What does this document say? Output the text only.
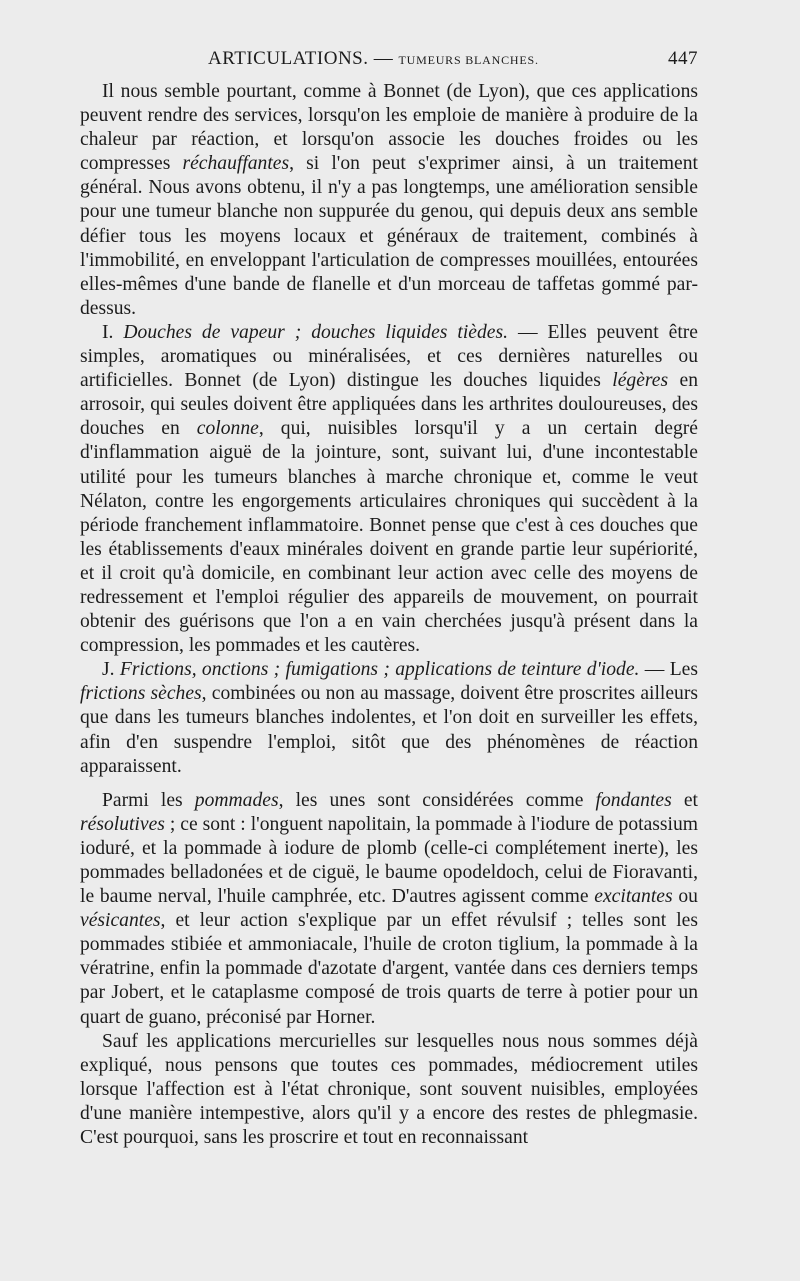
ARTICULATIONS. — TUMEURS BLANCHES.	447

Il nous semble pourtant, comme à Bonnet (de Lyon), que ces applications peuvent rendre des services, lorsqu'on les emploie de manière à produire de la chaleur par réaction, et lorsqu'on associe les douches froides ou les compresses réchauffantes, si l'on peut s'exprimer ainsi, à un traitement général. Nous avons obtenu, il n'y a pas longtemps, une amélioration sensible pour une tumeur blanche non suppurée du genou, qui depuis deux ans semble défier tous les moyens locaux et généraux de traitement, combinés à l'immobilité, en enveloppant l'articulation de compresses mouillées, entourées elles-mêmes d'une bande de flanelle et d'un morceau de taffetas gommé par-dessus.

I. Douches de vapeur ; douches liquides tièdes. — Elles peuvent être simples, aromatiques ou minéralisées, et ces dernières naturelles ou artificielles. Bonnet (de Lyon) distingue les douches liquides légères en arrosoir, qui seules doivent être appliquées dans les arthrites douloureuses, des douches en colonne, qui, nuisibles lorsqu'il y a un certain degré d'inflammation aiguë de la jointure, sont, suivant lui, d'une incontestable utilité pour les tumeurs blanches à marche chronique et, comme le veut Nélaton, contre les engorgements articulaires chroniques qui succèdent à la période franchement inflammatoire. Bonnet pense que c'est à ces douches que les établissements d'eaux minérales doivent en grande partie leur supériorité, et il croit qu'à domicile, en combinant leur action avec celle des moyens de redressement et l'emploi régulier des appareils de mouvement, on pourrait obtenir des guérisons que l'on a en vain cherchées jusqu'à présent dans la compression, les pommades et les cautères.

J. Frictions, onctions ; fumigations ; applications de teinture d'iode. — Les frictions sèches, combinées ou non au massage, doivent être proscrites ailleurs que dans les tumeurs blanches indolentes, et l'on doit en surveiller les effets, afin d'en suspendre l'emploi, sitôt que des phénomènes de réaction apparaissent.

Parmi les pommades, les unes sont considérées comme fondantes et résolutives ; ce sont : l'onguent napolitain, la pommade à l'iodure de potassium ioduré, et la pommade à iodure de plomb (celle-ci complétement inerte), les pommades belladonées et de ciguë, le baume opodeldoch, celui de Fioravanti, le baume nerval, l'huile camphrée, etc. D'autres agissent comme excitantes ou vésicantes, et leur action s'explique par un effet révulsif ; telles sont les pommades stibiée et ammoniacale, l'huile de croton tiglium, la pommade à la vératrine, enfin la pommade d'azotate d'argent, vantée dans ces derniers temps par Jobert, et le cataplasme composé de trois quarts de terre à potier pour un quart de guano, préconisé par Horner.

Sauf les applications mercurielles sur lesquelles nous nous sommes déjà expliqué, nous pensons que toutes ces pommades, médiocrement utiles lorsque l'affection est à l'état chronique, sont souvent nuisibles, employées d'une manière intempestive, alors qu'il y a encore des restes de phlegmasie. C'est pourquoi, sans les proscrire et tout en reconnaissant
